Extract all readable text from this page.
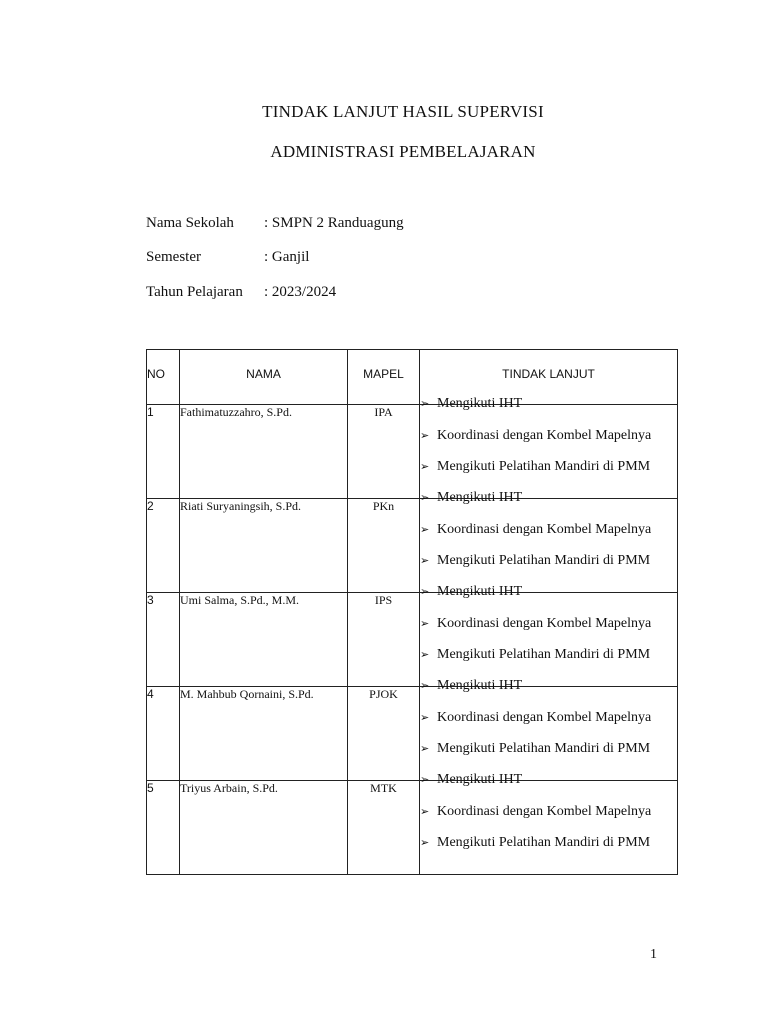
TINDAK LANJUT HASIL SUPERVISI
ADMINISTRASI PEMBELAJARAN
Nama Sekolah : SMPN 2 Randuagung
Semester	: Ganjil
Tahun Pelajaran : 2023/2024
NO	NAMA	MAPEL	TINDAK LANJUT
1	Fathimatuzzahro, S.Pd.	IPA	➢ Mengikuti IHT
➢ Koordinasi dengan Kombel Mapelnya
➢ Mengikuti Pelatihan Mandiri di PMM

2	Riati Suryaningsih, S.Pd.	PKn	➢ Mengikuti IHT
➢ Koordinasi dengan Kombel Mapelnya
➢ Mengikuti Pelatihan Mandiri di PMM

3	Umi Salma, S.Pd., M.M.	IPS	➢ Mengikuti IHT
➢ Koordinasi dengan Kombel Mapelnya
➢ Mengikuti Pelatihan Mandiri di PMM

4	M. Mahbub Qornaini, S.Pd.	PJOK	➢ Mengikuti IHT
➢ Koordinasi dengan Kombel Mapelnya
➢ Mengikuti Pelatihan Mandiri di PMM

5	Triyus Arbain, S.Pd.	MTK	➢ Mengikuti IHT
➢ Koordinasi dengan Kombel Mapelnya
➢ Mengikuti Pelatihan Mandiri di PMM
1
